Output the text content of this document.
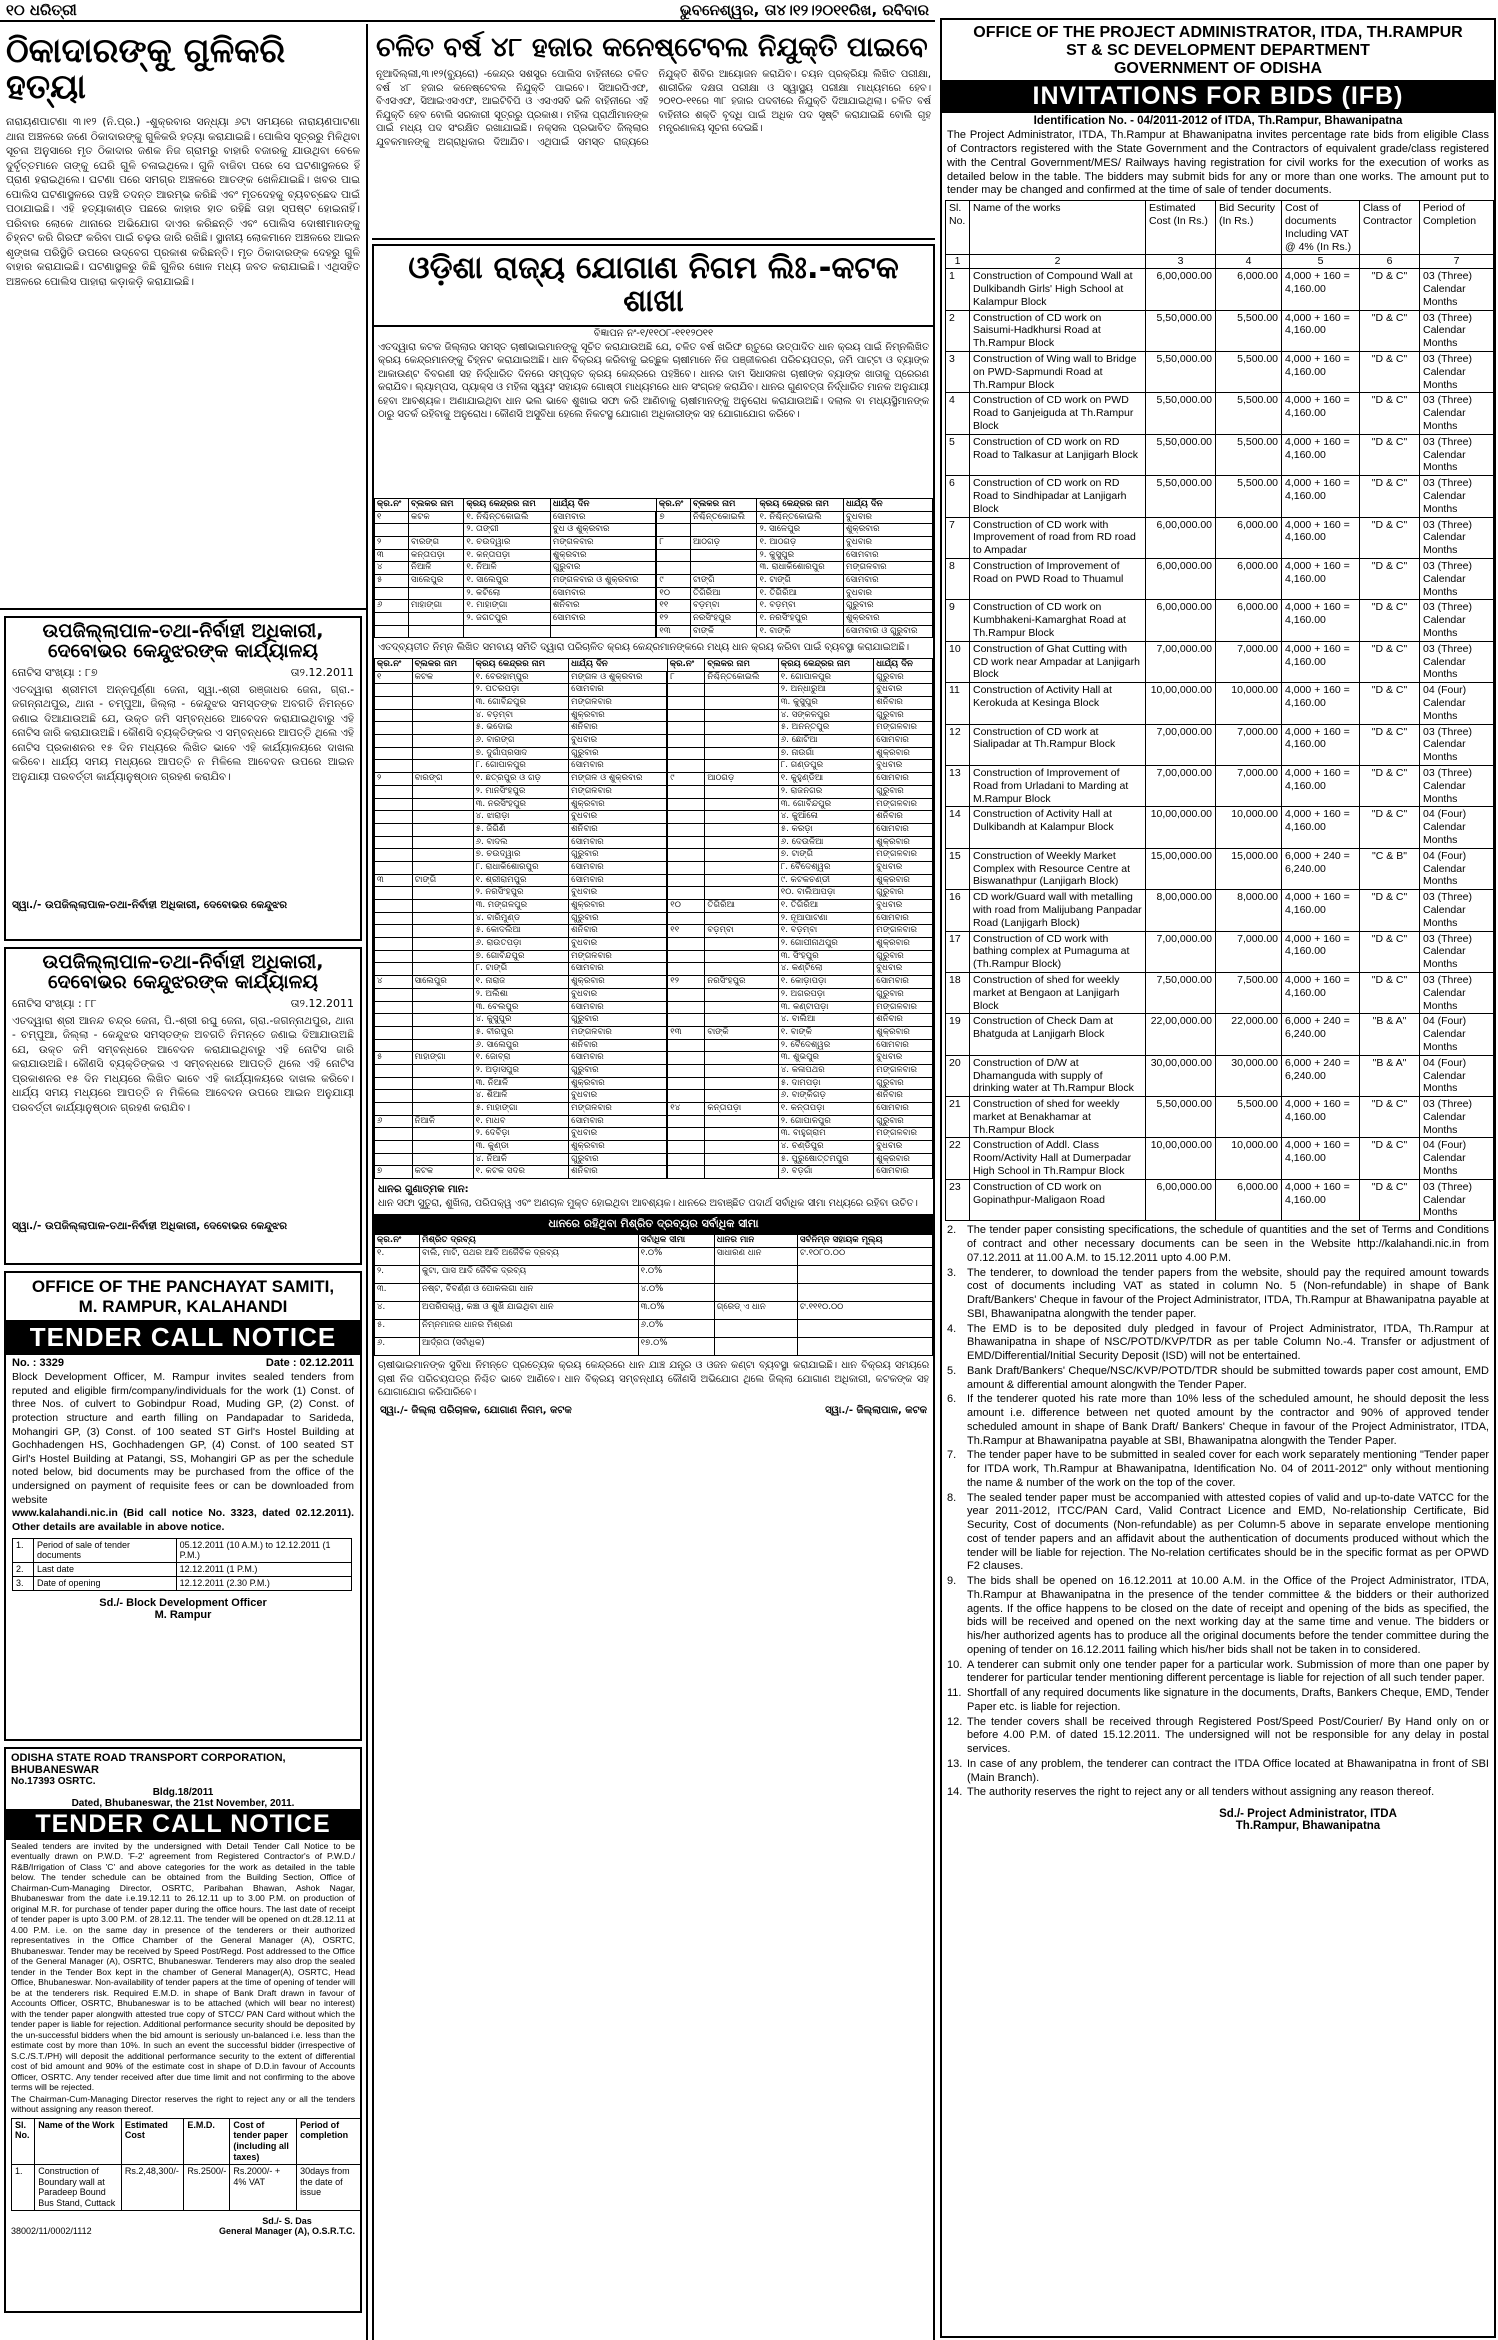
୧୦ ଧରିତ୍ରୀ	ଭୁବନେଶ୍ୱର, ତା୪।୧୨।୨୦୧୧ରିଖ, ରବିବାର
ଠିକାଦାରଙ୍କୁ ଗୁଳିକରି ହତ୍ୟା
ନାରାୟଣପାଟଣା ୩।୧୨ (ନି.ପ୍ର.) -ଶୁକ୍ରବାର ସନ୍ଧ୍ୟା ୬ଟା ସମୟରେ ନାରାୟଣପାଟଣା ଥାନା ଅଞ୍ଚଳରେ ଜଣେ ଠିକାଦାରଙ୍କୁ ଗୁଳିକରି ହତ୍ୟା କରାଯାଇଛି। ପୋଲିସ ସୂତ୍ରରୁ ମିଳିଥିବା ସୂଚନା ଅନୁସାରେ ମୃତ ଠିକାଦାର ଜଣକ ନିଜ ଗ୍ରାମରୁ ବାହାରି ବଜାରକୁ ଯାଉଥିବା ବେଳେ ଦୁର୍ବୃତ୍ତମାନେ ତାଙ୍କୁ ଘେରି ଗୁଳି ଚଳାଇଥିଲେ। ଗୁଳି ବାଜିବା ପରେ ସେ ଘଟଣାସ୍ଥଳରେ ହିଁ ପ୍ରାଣ ହରାଇଥିଲେ। ଘଟଣା ପରେ ସମଗ୍ର ଅଞ୍ଚଳରେ ଆତଙ୍କ ଖେଳିଯାଇଛି। ଖବର ପାଇ ପୋଲିସ ଘଟଣାସ୍ଥଳରେ ପହଞ୍ଚି ତଦନ୍ତ ଆରମ୍ଭ କରିଛି ଏବଂ ମୃତଦେହକୁ ବ୍ୟବଚ୍ଛେଦ ପାଇଁ ପଠାଯାଇଛି। ଏହି ହତ୍ୟାକାଣ୍ଡ ପଛରେ କାହାର ହାତ ରହିଛି ତାହା ସ୍ପଷ୍ଟ ହୋଇନାହିଁ। ପରିବାର ଲୋକେ ଥାନାରେ ଅଭିଯୋଗ ଦାଏର କରିଛନ୍ତି ଏବଂ ପୋଲିସ ଦୋଷୀମାନଙ୍କୁ ଚିହ୍ନଟ କରି ଗିରଫ କରିବା ପାଇଁ ଚଢ଼ଉ ଜାରି ରଖିଛି। ସ୍ଥାନୀୟ ଲୋକମାନେ ଅଞ୍ଚଳରେ ଆଇନ ଶୃଙ୍ଖଳା ପରିସ୍ଥିତି ଉପରେ ଉଦ୍ବେଗ ପ୍ରକାଶ କରିଛନ୍ତି। ମୃତ ଠିକାଦାରଙ୍କ ଦେହରୁ ଗୁଳି ବାହାର କରାଯାଇଛି। ଘଟଣାସ୍ଥଳରୁ କିଛି ଗୁଳିର ଖୋଳ ମଧ୍ୟ ଜବତ କରାଯାଇଛି। ଏଥିସହିତ ଅଞ୍ଚଳରେ ପୋଲିସ ପାହାରା କଡ଼ାକଡ଼ି କରାଯାଇଛି।
ଉପଜିଲ୍ଲାପାଳ-ତଥା-ନିର୍ବାହୀ ଅଧିକାରୀ,
ଦେବୋଭର କେନ୍ଦୁଝରଙ୍କ କାର୍ଯ୍ୟାଳୟ
ନୋଟିସ ସଂଖ୍ୟା : ୮୭	ତା୨.12.2011
ଏତଦ୍ୱାରା ଶ୍ରୀମତୀ ଅନ୍ନପୂର୍ଣ୍ଣା ଜେନା, ସ୍ୱା.-ଶ୍ରୀ ରଞ୍ଜାଧର ଜେନା, ଗ୍ରା.-ଜଗନ୍ନାଥପୁର, ଥାନା - ଚମ୍ପୁଆ, ଜିଲ୍ଲା - କେନ୍ଦୁଝର ସମସ୍ତଙ୍କ ଅବଗତି ନିମନ୍ତେ ଜଣାଇ ଦିଆଯାଉଅଛି ଯେ, ଉକ୍ତ ଜମି ସମ୍ବନ୍ଧରେ ଆବେଦନ କରାଯାଇଥିବାରୁ ଏହି ନୋଟିସ ଜାରି କରାଯାଉଅଛି। କୌଣସି ବ୍ୟକ୍ତିଙ୍କର ଏ ସମ୍ବନ୍ଧରେ ଆପତ୍ତି ଥିଲେ ଏହି ନୋଟିସ ପ୍ରକାଶନର ୧୫ ଦିନ ମଧ୍ୟରେ ଲିଖିତ ଭାବେ ଏହି କାର୍ଯ୍ୟାଳୟରେ ଦାଖଲ କରିବେ। ଧାର୍ଯ୍ୟ ସମୟ ମଧ୍ୟରେ ଆପତ୍ତି ନ ମିଳିଲେ ଆବେଦନ ଉପରେ ଆଇନ ଅନୁଯାୟୀ ପରବର୍ତ୍ତୀ କାର୍ଯ୍ୟାନୁଷ୍ଠାନ ଗ୍ରହଣ କରାଯିବ।
ସ୍ୱା./- ଉପଜିଲ୍ଲାପାଳ-ତଥା-ନିର୍ବାହୀ ଅଧିକାରୀ, ଦେବୋଭର କେନ୍ଦୁଝର
ଉପଜିଲ୍ଲାପାଳ-ତଥା-ନିର୍ବାହୀ ଅଧିକାରୀ,
ଦେବୋଭର କେନ୍ଦୁଝରଙ୍କ କାର୍ଯ୍ୟାଳୟ
ନୋଟିସ ସଂଖ୍ୟା : ୮୮	ତା୨.12.2011
ଏତଦ୍ୱାରା ଶ୍ରୀ ଆନନ୍ଦ ଚନ୍ଦ୍ର ଜେନା, ପି.-ଶ୍ରୀ ରଘୁ ଜେନା, ଗ୍ରା.-ଜଗନ୍ନାଥପୁର, ଥାନା - ଚମ୍ପୁଆ, ଜିଲ୍ଲା - କେନ୍ଦୁଝର ସମସ୍ତଙ୍କ ଅବଗତି ନିମନ୍ତେ ଜଣାଇ ଦିଆଯାଉଅଛି ଯେ, ଉକ୍ତ ଜମି ସମ୍ବନ୍ଧରେ ଆବେଦନ କରାଯାଇଥିବାରୁ ଏହି ନୋଟିସ ଜାରି କରାଯାଉଅଛି। କୌଣସି ବ୍ୟକ୍ତିଙ୍କର ଏ ସମ୍ବନ୍ଧରେ ଆପତ୍ତି ଥିଲେ ଏହି ନୋଟିସ ପ୍ରକାଶନର ୧୫ ଦିନ ମଧ୍ୟରେ ଲିଖିତ ଭାବେ ଏହି କାର୍ଯ୍ୟାଳୟରେ ଦାଖଲ କରିବେ। ଧାର୍ଯ୍ୟ ସମୟ ମଧ୍ୟରେ ଆପତ୍ତି ନ ମିଳିଲେ ଆବେଦନ ଉପରେ ଆଇନ ଅନୁଯାୟୀ ପରବର୍ତ୍ତୀ କାର୍ଯ୍ୟାନୁଷ୍ଠାନ ଗ୍ରହଣ କରାଯିବ।
ସ୍ୱା./- ଉପଜିଲ୍ଲାପାଳ-ତଥା-ନିର୍ବାହୀ ଅଧିକାରୀ, ଦେବୋଭର କେନ୍ଦୁଝର
OFFICE OF THE PANCHAYAT SAMITI,
M. RAMPUR, KALAHANDI
TENDER CALL NOTICE
No. : 3329	Date : 02.12.2011
Block Development Officer, M. Rampur invites sealed tenders from reputed and eligible firm/company/individuals for the work (1) Const. of three Nos. of culvert to Gobindpur Road, Muding GP, (2) Const. of protection structure and earth filling on Pandapadar to Sarideda, Mohangiri GP, (3) Const. of 100 seated ST Girl's Hostel Building at Gochhadengen HS, Gochhadengen GP, (4) Const. of 100 seated ST Girl's Hostel Building at Patangi, SS, Mohangiri GP as per the schedule noted below, bid documents may be purchased from the office of the undersigned on payment of requisite fees or can be downloaded from website
www.kalahandi.nic.in (Bid call notice No. 3323, dated 02.12.2011). Other details are available in above notice.
1.	Period of sale of tender documents	05.12.2011 (10 A.M.) to 12.12.2011 (1 P.M.)
2.	Last date	12.12.2011 (1 P.M.)
3.	Date of opening	12.12.2011 (2.30 P.M.)
Sd./- Block Development Officer
M. Rampur
ODISHA STATE ROAD TRANSPORT CORPORATION, BHUBANESWAR
No.17393 OSRTC.
Bldg.18/2011
Dated, Bhubaneswar, the 21st November, 2011.
TENDER CALL NOTICE
Sealed tenders are invited by the undersigned with Detail Tender Call Notice to be eventually drawn on P.W.D. 'F-2' agreement from Registered Contractor's of P.W.D./ R&B/Irrigation of Class 'C' and above categories for the work as detailed in the table below. The tender schedule can be obtained from the Building Section, Office of Chairman-Cum-Managing Director, OSRTC, Paribahan Bhawan, Ashok Nagar, Bhubaneswar from the date i.e.19.12.11 to 26.12.11 up to 3.00 P.M. on production of original M.R. for purchase of tender paper during the office hours. The last date of receipt of tender paper is upto 3.00 P.M. of 28.12.11. The tender will be opened on dt.28.12.11 at 4.00 P.M. i.e. on the same day in presence of the tenderers or their authorized representatives in the Office Chamber of the General Manager (A), OSRTC, Bhubaneswar. Tender may be received by Speed Post/Regd. Post addressed to the Office of the General Manager (A), OSRTC, Bhubaneswar. Tenderers may also drop the sealed tender in the Tender Box kept in the chamber of General Manager(A), OSRTC, Head Office, Bhubaneswar. Non-availability of tender papers at the time of opening of tender will be at the tenderers risk. Required E.M.D. in shape of Bank Draft drawn in favour of Accounts Officer, OSRTC, Bhubaneswar is to be attached (which will bear no interest) with the tender paper alongwith attested true copy of STCC/ PAN Card without which the tender paper is liable for rejection. Additional performance security should be deposited by the un-successful bidders when the bid amount is seriously un-balanced i.e. less than the estimate cost by more than 10%. In such an event the successful bidder (irrespective of S.C./S.T./PH) will deposit the additional performance security to the extent of differential cost of bid amount and 90% of the estimate cost in shape of D.D.in favour of Accounts Officer, OSRTC. Any tender received after due time limit and not confirming to the above terms will be rejected.
The Chairman-Cum-Managing Director reserves the right to reject any or all the tenders without assigning any reason thereof.
Sl. No.	Name of the Work	Estimated Cost	E.M.D.	Cost of tender paper (including all taxes)	Period of completion
1.	Construction of Boundary wall at Paradeep Bound Bus Stand, Cuttack	Rs.2,48,300/-	Rs.2500/-	Rs.2000/- + 4% VAT	30days from the date of issue
38002/11/0002/1112
Sd./- S. Das
General Manager (A), O.S.R.T.C.
ଚଳିତ ବର୍ଷ ୪୮ ହଜାର କନେଷ୍ଟେବଲ ନିଯୁକ୍ତି ପାଇବେ
ନୂଆଦିଲ୍ଲୀ,୩।୧୨(ବ୍ୟୁରୋ) -କେନ୍ଦ୍ର ସଶସ୍ତ୍ର ପୋଲିସ ବାହିନୀରେ ଚଳିତ ବର୍ଷ ୪୮ ହଜାର କନେଷ୍ଟେବଲ ନିଯୁକ୍ତି ପାଇବେ। ସିଆରପିଏଫ, ବିଏସଏଫ, ସିଆଇଏସଏଫ, ଆଇଟିବିପି ଓ ଏସଏସବି ଭଳି ବାହିନୀରେ ଏହି ନିଯୁକ୍ତି ହେବ ବୋଲି ସରକାରୀ ସୂତ୍ରରୁ ପ୍ରକାଶ। ମହିଳା ପ୍ରାର୍ଥୀମାନଙ୍କ ପାଇଁ ମଧ୍ୟ ପଦ ସଂରକ୍ଷିତ ରଖାଯାଇଛି। ନକ୍ସଲ ପ୍ରଭାବିତ ଜିଲ୍ଲାର ଯୁବକମାନଙ୍କୁ ଅଗ୍ରାଧିକାର ଦିଆଯିବ। ଏଥିପାଇଁ ସମସ୍ତ ରାଜ୍ୟରେ ନିଯୁକ୍ତି ଶିବିର ଆୟୋଜନ କରାଯିବ। ଚୟନ ପ୍ରକ୍ରିୟା ଲିଖିତ ପରୀକ୍ଷା, ଶାରୀରିକ ଦକ୍ଷତା ପରୀକ୍ଷା ଓ ସ୍ୱାସ୍ଥ୍ୟ ପରୀକ୍ଷା ମାଧ୍ୟମରେ ହେବ। ୨୦୧୦-୧୧ରେ ୩୮ ହଜାର ପଦବୀରେ ନିଯୁକ୍ତି ଦିଆଯାଇଥିଲା। ଚଳିତ ବର୍ଷ ବାହିନୀର ଶକ୍ତି ବୃଦ୍ଧି ପାଇଁ ଅଧିକ ପଦ ସୃଷ୍ଟି କରାଯାଇଛି ବୋଲି ଗୃହ ମନ୍ତ୍ରଣାଳୟ ସୂଚନା ଦେଇଛି।
ଓଡ଼ିଶା ରାଜ୍ୟ ଯୋଗାଣ ନିଗମ ଲିଃ.-କଟକ ଶାଖା
ବିଜ୍ଞାପନ ନଂ-୧/୧୧୦୮-୧୧୧୨୦୧୧
ଏତଦ୍ୱାରା କଟକ ଜିଲ୍ଲାର ସମସ୍ତ ଚାଷୀଭାଇମାନଙ୍କୁ ସୂଚିତ କରାଯାଉଅଛି ଯେ, ଚଳିତ ବର୍ଷ ଖରିଫ ଋତୁରେ ଉତ୍ପାଦିତ ଧାନ କ୍ରୟ ପାଇଁ ନିମ୍ନଲିଖିତ କ୍ରୟ କେନ୍ଦ୍ରମାନଙ୍କୁ ଚିହ୍ନଟ କରାଯାଇଅଛି। ଧାନ ବିକ୍ରୟ କରିବାକୁ ଇଚ୍ଛୁକ ଚାଷୀମାନେ ନିଜ ପଞ୍ଜୀକରଣ ପରିଚୟପତ୍ର, ଜମି ପାଟ୍ଟା ଓ ବ୍ୟାଙ୍କ ଆକାଉଣ୍ଟ ବିବରଣୀ ସହ ନିର୍ଦ୍ଧାରିତ ଦିନରେ ସମ୍ପୃକ୍ତ କ୍ରୟ କେନ୍ଦ୍ରରେ ପହଞ୍ଚିବେ। ଧାନର ଦାମ ସିଧାସଳଖ ଚାଷୀଙ୍କ ବ୍ୟାଙ୍କ ଖାତାକୁ ପ୍ରେରଣ କରାଯିବ। ଲ୍ୟାମ୍ପସ, ପ୍ୟାକ୍ସ ଓ ମହିଳା ସ୍ୱୟଂ ସହାୟକ ଗୋଷ୍ଠୀ ମାଧ୍ୟମରେ ଧାନ ସଂଗ୍ରହ କରାଯିବ। ଧାନର ଗୁଣବତ୍ତା ନିର୍ଦ୍ଧାରିତ ମାନକ ଅନୁଯାୟୀ ହେବା ଆବଶ୍ୟକ। ଅଣାଯାଇଥିବା ଧାନ ଭଲ ଭାବେ ଶୁଖାଇ ସଫା କରି ଆଣିବାକୁ ଚାଷୀମାନଙ୍କୁ ଅନୁରୋଧ କରାଯାଉଅଛି। ଦଲାଲ ବା ମଧ୍ୟସ୍ଥିମାନଙ୍କ ଠାରୁ ସତର୍କ ରହିବାକୁ ଅନୁରୋଧ। କୌଣସି ଅସୁବିଧା ହେଲେ ନିକଟସ୍ଥ ଯୋଗାଣ ଅଧିକାରୀଙ୍କ ସହ ଯୋଗାଯୋଗ କରିବେ।
କ୍ର.ନଂ	ବ୍ଲକର ନାମ	କ୍ରୟ କେନ୍ଦ୍ରର ନାମ	ଧାର୍ଯ୍ୟ ଦିନ	କ୍ର.ନଂ	ବ୍ଲକର ନାମ	କ୍ରୟ କେନ୍ଦ୍ରର ନାମ	ଧାର୍ଯ୍ୟ ଦିନ
୧	କଟକ	୧. ନିଶ୍ଚିନ୍ତକୋଇଲି	ସୋମବାର	୭	ନିଶ୍ଚିନ୍ତକୋଇଲି	୧. ନିଶ୍ଚିନ୍ତକୋଇଲି	ବୁଧବାର
		୨. ତାଙ୍ଗୀ	ବୁଧ ଓ ଶୁକ୍ରବାର			୨. ସାଳେପୁର	ଶୁକ୍ରବାର
୨	ବାରଙ୍ଗ	୧. ଚଉଦ୍ୱାର	ମଙ୍ଗଳବାର	୮	ଆଠଗଡ଼	୧. ଆଠଗଡ଼	ବୁଧବାର
୩	କନ୍ତାପଡ଼ା	୧. କନ୍ତାପଡ଼ା	ଶୁକ୍ରବାର			୨. କୁସୁପୁର	ସୋମବାର
୪	ନିଆଳି	୧. ନିଆଳି	ଗୁରୁବାର			୩. ରାଧାକିଶୋରପୁର	ମଙ୍ଗଳବାର
୫	ସାଲେପୁର	୧. ସାଲେପୁର	ମଙ୍ଗଳବାର ଓ ଶୁକ୍ରବାର	୯	ଟାଙ୍ଗି	୧. ଟାଙ୍ଗି	ସୋମବାର
		୨. କଟିଲୋ	ସୋମବାର	୧୦	ତିଗିରିଆ	୧. ତିଗିରିଆ	ବୁଧବାର
୬	ମାହାଙ୍ଗା	୧. ମାହାଙ୍ଗା	ଶନିବାର	୧୧	ବଡ଼ମ୍ବା	୧. ବଡ଼ମ୍ବା	ଗୁରୁବାର
		୨. ଜଗତପୁର	ସୋମବାର	୧୨	ନରସିଂହପୁର	୧. ନରସିଂହପୁର	ଶୁକ୍ରବାର
				୧୩	ବାଙ୍କି	୧. ବାଙ୍କି	ସୋମବାର ଓ ଗୁରୁବାର
ଏତଦ୍‌ବ୍ୟତୀତ ନିମ୍ନ ଲିଖିତ ସମବାୟ ସମିତି ଦ୍ୱାରା ପରିଚାଳିତ କ୍ରୟ କେନ୍ଦ୍ରମାନଙ୍କରେ ମଧ୍ୟ ଧାନ କ୍ରୟ କରିବା ପାଇଁ ବ୍ୟବସ୍ଥା କରାଯାଇଅଛି।
କ୍ର.ନଂ	ବ୍ଲକର ନାମ	କ୍ରୟ କେନ୍ଦ୍ରର ନାମ	ଧାର୍ଯ୍ୟ ଦିନ	କ୍ର.ନଂ	ବ୍ଲକର ନାମ	କ୍ରୟ କେନ୍ଦ୍ରର ନାମ	ଧାର୍ଯ୍ୟ ଦିନ
୧	କଟକ	୧. ବେରହାମ୍ପୁର	ମଙ୍ଗଳ ଓ ଶୁକ୍ରବାର	୮	ନିଶ୍ଚିନ୍ତକୋଇଲି	୧. ଗୋପାଳପୁର	ଗୁରୁବାର
		୨. ପତରପଡ଼ା	ସୋମବାର			୨. ଅନ୍ଧାରୁଆ	ବୁଧବାର
		୩. ଗୋବିନ୍ଦପୁର	ମଙ୍ଗଳବାର			୩. କୁସୁପୁର	ଶନିବାର
		୪. ବଡ଼ମ୍ବା	ଶୁକ୍ରବାର			୪. ସଙ୍କଳପୁର	ଗୁରୁବାର
		୫. ଭଦୋଇ	ଶନିବାର			୫. ଅନନ୍ତପୁର	ମଙ୍ଗଳବାର
		୬. ବାରଙ୍ଗ	ବୁଧବାର			୬. ଛୋଟିଆ	ସୋମବାର
		୭. ଦୁର୍ଗାପ୍ରସାଦ	ଗୁରୁବାର			୭. ନାଉଗାଁ	ଶୁକ୍ରବାର
		୮. ଗୋପାଳପୁର	ସୋମବାର			୮. ଗଣ୍ଡପୁର	ବୁଧବାର
୨	ବାରଙ୍ଗ	୧. ଛତ୍ରପୁର ଓ ଗଡ଼	ମଙ୍ଗଳ ଓ ଶୁକ୍ରବାର	୯	ଆଠଗଡ଼	୧. କୁହୁଣ୍ଡିଆ	ସୋମବାର
		୨. ମାନସିଂହପୁର	ମଙ୍ଗଳବାର			୨. ରାଜନଗର	ଗୁରୁବାର
		୩. ନରସିଂହପୁର	ଶୁକ୍ରବାର			୩. ଗୋବିନ୍ଦପୁର	ମଙ୍ଗଳବାର
		୪. ଝାରାଡ଼ା	ବୁଧବାର			୪. କୁଆଁଳୋ	ଶନିବାର
		୫. ଜିଗିଣି	ଶନିବାର			୫. କରଡ଼ା	ସୋମବାର
		୬. ବାଦଲ	ସୋମବାର			୬. ଦେଉଳିଆ	ଶୁକ୍ରବାର
		୭. ଚଉଦ୍ୱାର	ଗୁରୁବାର			୭. ଟାଙ୍ଗି	ମଙ୍ଗଳବାର
		୮. ରାଧାକିଶୋରପୁର	ସୋମବାର			୮. ବୈଦେଶ୍ୱର	ବୁଧବାର
୩	ଟାଙ୍ଗି	୧. ଶ୍ରୀରାମପୁର	ସୋମବାର			୯. କଟକଚଣ୍ଡୀ	ଶୁକ୍ରବାର
		୨. ନରସିଂହପୁର	ବୁଧବାର			୧୦. ବାଲିଆପଡ଼ା	ଗୁରୁବାର
		୩. ମଙ୍ଗଳପୁର	ଶୁକ୍ରବାର	୧୦	ତିଗିରିଆ	୧. ତିଗିରିଆ	ବୁଧବାର
		୪. ବାରିମୁଣ୍ଡ	ଗୁରୁବାର			୨. ନୂଆପାଟଣା	ସୋମବାର
		୫. କୋଦଲିଆ	ଶନିବାର	୧୧	ବଡ଼ମ୍ବା	୧. ବଡ଼ମ୍ବା	ମଙ୍ଗଳବାର
		୬. ରାଉତପଡ଼ା	ବୁଧବାର			୨. ଗୋପୀନାଥପୁର	ଶୁକ୍ରବାର
		୭. ଗୋବିନ୍ଦପୁର	ମଙ୍ଗଳବାର			୩. ସିଂହପୁର	ଗୁରୁବାର
		୮. ଟାଙ୍ଗି	ସୋମବାର			୪. କଣ୍ଟିଲୋ	ବୁଧବାର
୪	ସାଲେପୁର	୧. ନାରାଜ	ଶୁକ୍ରବାର	୧୨	ନରସିଂହପୁର	୧. କୋଡ଼ାପଡ଼ା	ସୋମବାର
		୨. ଅଲିଶା	ବୁଧବାର			୨. ଅଗରପଡ଼ା	ଗୁରୁବାର
		୩. ବେଲପୁର	ସୋମବାର			୩. କଣ୍ଟାପଡ଼ା	ମଙ୍ଗଳବାର
		୪. କୁସୁପୁର	ଗୁରୁବାର			୪. ବାଲିଆ	ଶନିବାର
		୫. ବୀରପୁର	ମଙ୍ଗଳବାର	୧୩	ବାଙ୍କି	୧. ବାଙ୍କି	ଶୁକ୍ରବାର
		୬. ସାଲେପୁର	ଶନିବାର			୨. ବୈଦେଶ୍ୱର	ସୋମବାର
୫	ମାହାଙ୍ଗା	୧. ଜୋବ୍ରା	ସୋମବାର			୩. ଶୁଭପୁର	ବୁଧବାର
		୨. ଅଡ଼ାସପୁର	ଗୁରୁବାର			୪. କଳାପଥର	ମଙ୍ଗଳବାର
		୩. ନିଆଳି	ଶୁକ୍ରବାର			୫. ଦାମପଡ଼ା	ଗୁରୁବାର
		୪. ଶିଆଳି	ବୁଧବାର			୬. ବାଙ୍କିଗଡ଼	ଶନିବାର
		୫. ମାହାଙ୍ଗା	ମଙ୍ଗଳବାର	୧୪	କନ୍ତାପଡ଼ା	୧. କନ୍ତାପଡ଼ା	ସୋମବାର
୬	ନିଆଳି	୧. ମାଧବ	ସୋମବାର			୨. ଗୋପାଳପୁର	ଗୁରୁବାର
		୨. ଦେବିଡ଼ା	ବୁଧବାର			୩. ବାହୁଗ୍ରାମ	ମଙ୍ଗଳବାର
		୩. କୁଣ୍ଡା	ଶୁକ୍ରବାର			୪. ଚଣ୍ଡିପୁର	ବୁଧବାର
		୪. ନିଆଳି	ଗୁରୁବାର			୫. ପୁରୁଷୋତ୍ତମପୁର	ଶୁକ୍ରବାର
୭	କଟକ	୧. କଟକ ସଦର	ଶନିବାର			୬. ବଡ଼ଗାଁ	ସୋମବାର
ଧାନର ଗୁଣାତ୍ମକ ମାନ:
ଧାନ ସଫା ସୁତୁରା, ଶୁଖିଲା, ପରିପକ୍ୱ ଏବଂ ଅଣଚାଳ ମୁକ୍ତ ହୋଇଥିବା ଆବଶ୍ୟକ। ଧାନରେ ଅବାଞ୍ଛିତ ପଦାର୍ଥ ସର୍ବାଧିକ ସୀମା ମଧ୍ୟରେ ରହିବା ଉଚିତ।
ଧାନରେ ରହିଥିବା ମିଶ୍ରିତ ଦ୍ରବ୍ୟର ସର୍ବାଧିକ ସୀମା
କ୍ର.ନଂ	ମିଶ୍ରିତ ଦ୍ରବ୍ୟ	ସର୍ବାଧିକ ସୀମା	ଧାନର ମାନ	ସର୍ବନିମ୍ନ ସହାୟକ ମୂଲ୍ୟ
୧.	ବାଲି, ମାଟି, ପଥର ଆଦି ଅଜୈବିକ ଦ୍ରବ୍ୟ	୧.୦%	ସାଧାରଣ ଧାନ	ଟ.୧୦୮୦.୦୦
୨.	କୁଟା, ଘାସ ଆଦି ଜୈବିକ ଦ୍ରବ୍ୟ	୧.୦%		
୩.	ନଷ୍ଟ, ବିବର୍ଣ୍ଣ ଓ ପୋକଲଗା ଧାନ	୪.୦%		
୪.	ଅପରିପକ୍ୱ, କଞ୍ଚା ଓ ଶୁଖି ଯାଇଥିବା ଧାନ	୩.୦%	ଗ୍ରେଡ୍ ଏ ଧାନ	ଟ.୧୧୧୦.୦୦
୫.	ନିମ୍ନମାନର ଧାନର ମିଶ୍ରଣ	୬.୦%		
୬.	ଆର୍ଦ୍ରତା (ସର୍ବାଧିକ)	୧୭.୦%		
ଚାଷୀଭାଇମାନଙ୍କ ସୁବିଧା ନିମନ୍ତେ ପ୍ରତ୍ୟେକ କ୍ରୟ କେନ୍ଦ୍ରରେ ଧାନ ଯାଞ୍ଚ ଯନ୍ତ୍ର ଓ ଓଜନ କଣ୍ଟା ବ୍ୟବସ୍ଥା କରାଯାଇଛି। ଧାନ ବିକ୍ରୟ ସମୟରେ ଚାଷୀ ନିଜ ପରିଚୟପତ୍ର ନିଶ୍ଚିତ ଭାବେ ଆଣିବେ। ଧାନ ବିକ୍ରୟ ସମ୍ବନ୍ଧୀୟ କୌଣସି ଅଭିଯୋଗ ଥିଲେ ଜିଲ୍ଲା ଯୋଗାଣ ଅଧିକାରୀ, କଟକଙ୍କ ସହ ଯୋଗାଯୋଗ କରିପାରିବେ।
ସ୍ୱା./- ଜିଲ୍ଲା ପରିଚାଳକ, ଯୋଗାଣ ନିଗମ, କଟକ	ସ୍ୱା./- ଜିଲ୍ଲାପାଳ, କଟକ
OFFICE OF THE PROJECT ADMINISTRATOR, ITDA, TH.RAMPUR
ST & SC DEVELOPMENT DEPARTMENT
GOVERNMENT OF ODISHA
INVITATIONS FOR BIDS (IFB)
Identification No. - 04/2011-2012 of ITDA, Th.Rampur, Bhawanipatna
The Project Administrator, ITDA, Th.Rampur at Bhawanipatna invites percentage rate bids from eligible Class of Contractors registered with the State Government and the Contractors of equivalent grade/class registered with the Central Government/MES/ Railways having registration for civil works for the execution of works as detailed below in the table. The bidders may submit bids for any or more than one works. The amount put to tender may be changed and confirmed at the time of sale of tender documents.
Sl. No.	Name of the works	Estimated Cost (In Rs.)	Bid Security (In Rs.)	Cost of documents Including VAT @ 4% (In Rs.)	Class of Contractor	Period of Completion
1	2	3	4	5	6	7
1	Construction of Compound Wall at Dulkibandh Girls' High School at Kalampur Block	6,00,000.00	6,000.00	4,000 + 160 = 4,160.00	"D & C"	03 (Three) Calendar Months
2	Construction of CD work on Saisumi-Hadkhursi Road at Th.Rampur Block	5,50,000.00	5,500.00	4,000 + 160 = 4,160.00	"D & C"	03 (Three) Calendar Months
3	Construction of Wing wall to Bridge on PWD-Sapmundi Road at Th.Rampur Block	5,50,000.00	5,500.00	4,000 + 160 = 4,160.00	"D & C"	03 (Three) Calendar Months
4	Construction of CD work on PWD Road to Ganjeiguda at Th.Rampur Block	5,50,000.00	5,500.00	4,000 + 160 = 4,160.00	"D & C"	03 (Three) Calendar Months
5	Construction of CD work on RD Road to Talkasur at Lanjigarh Block	5,50,000.00	5,500.00	4,000 + 160 = 4,160.00	"D & C"	03 (Three) Calendar Months
6	Construction of CD work on RD Road to Sindhipadar at Lanjigarh Block	5,50,000.00	5,500.00	4,000 + 160 = 4,160.00	"D & C"	03 (Three) Calendar Months
7	Construction of CD work with Improvement of road from RD road to Ampadar	6,00,000.00	6,000.00	4,000 + 160 = 4,160.00	"D & C"	03 (Three) Calendar Months
8	Construction of Improvement of Road on PWD Road to Thuamul	6,00,000.00	6,000.00	4,000 + 160 = 4,160.00	"D & C"	03 (Three) Calendar Months
9	Construction of CD work on Kumbhakeni-Kamarghat Road at Th.Rampur Block	6,00,000.00	6,000.00	4,000 + 160 = 4,160.00	"D & C"	03 (Three) Calendar Months
10	Construction of Ghat Cutting with CD work near Ampadar at Lanjigarh Block	7,00,000.00	7,000.00	4,000 + 160 = 4,160.00	"D & C"	03 (Three) Calendar Months
11	Construction of Activity Hall at Kerokuda at Kesinga Block	10,00,000.00	10,000.00	4,000 + 160 = 4,160.00	"D & C"	04 (Four) Calendar Months
12	Construction of CD work at Sialipadar at Th.Rampur Block	7,00,000.00	7,000.00	4,000 + 160 = 4,160.00	"D & C"	03 (Three) Calendar Months
13	Construction of Improvement of Road from Urladani to Marding at M.Rampur Block	7,00,000.00	7,000.00	4,000 + 160 = 4,160.00	"D & C"	03 (Three) Calendar Months
14	Construction of Activity Hall at Dulkibandh at Kalampur Block	10,00,000.00	10,000.00	4,000 + 160 = 4,160.00	"D & C"	04 (Four) Calendar Months
15	Construction of Weekly Market Complex with Resource Centre at Biswanathpur (Lanjigarh Block)	15,00,000.00	15,000.00	6,000 + 240 = 6,240.00	"C & B"	04 (Four) Calendar Months
16	CD work/Guard wall with metalling with road from Malijubang Panpadar Road (Lanjigarh Block)	8,00,000.00	8,000.00	4,000 + 160 = 4,160.00	"D & C"	03 (Three) Calendar Months
17	Construction of CD work with bathing complex at Pumaguma at (Th.Rampur Block)	7,00,000.00	7,000.00	4,000 + 160 = 4,160.00	"D & C"	03 (Three) Calendar Months
18	Construction of shed for weekly market at Bengaon at Lanjigarh Block	7,50,000.00	7,500.00	4,000 + 160 = 4,160.00	"D & C"	03 (Three) Calendar Months
19	Construction of Check Dam at Bhatguda at Lanjigarh Block	22,00,000.00	22,000.00	6,000 + 240 = 6,240.00	"B & A"	04 (Four) Calendar Months
20	Construction of D/W at Dhamanguda with supply of drinking water at Th.Rampur Block	30,00,000.00	30,000.00	6,000 + 240 = 6,240.00	"B & A"	04 (Four) Calendar Months
21	Construction of shed for weekly market at Benakhamar at Th.Rampur Block	5,50,000.00	5,500.00	4,000 + 160 = 4,160.00	"D & C"	03 (Three) Calendar Months
22	Construction of Addl. Class Room/Activity Hall at Dumerpadar High School in Th.Rampur Block	10,00,000.00	10,000.00	4,000 + 160 = 4,160.00	"D & C"	04 (Four) Calendar Months
23	Construction of CD work on Gopinathpur-Maligaon Road	6,00,000.00	6,000.00	4,000 + 160 = 4,160.00	"D & C"	03 (Three) Calendar Months
2. The tender paper consisting specifications, the schedule of quantities and the set of Terms and Conditions of contract and other necessary documents can be seen in the Website http://kalahandi.nic.in from 07.12.2011 at 11.00 A.M. to 15.12.2011 upto 4.00 P.M.
3. The tenderer, to download the tender papers from the website, should pay the required amount towards cost of documents including VAT as stated in column No. 5 (Non-refundable) in shape of Bank Draft/Bankers' Cheque in favour of the Project Administrator, ITDA, Th.Rampur at Bhawanipatna payable at SBI, Bhawanipatna alongwith the tender paper.
4. The EMD is to be deposited duly pledged in favour of Project Administrator, ITDA, Th.Rampur at Bhawanipatna in shape of NSC/POTD/KVP/TDR as per table Column No.-4. Transfer or adjustment of EMD/Differential/Initial Security Deposit (ISD) will not be entertained.
5. Bank Draft/Bankers' Cheque/NSC/KVP/POTD/TDR should be submitted towards paper cost amount, EMD amount & differential amount alongwith the Tender Paper.
6. If the tenderer quoted his rate more than 10% less of the scheduled amount, he should deposit the less amount i.e. difference between net quoted amount by the contractor and 90% of approved tender scheduled amount in shape of Bank Draft/ Bankers' Cheque in favour of the Project Administrator, ITDA, Th.Rampur at Bhawanipatna payable at SBI, Bhawanipatna alongwith the Tender Paper.
7. The tender paper have to be submitted in sealed cover for each work separately mentioning "Tender paper for ITDA work, Th.Rampur at Bhawanipatna, Identification No. 04 of 2011-2012" only without mentioning the name & number of the work on the top of the cover.
8. The sealed tender paper must be accompanied with attested copies of valid and up-to-date VATCC for the year 2011-2012, ITCC/PAN Card, Valid Contract Licence and EMD, No-relationship Certificate, Bid Security, Cost of documents (Non-refundable) as per Column-5 above in separate envelope mentioning cost of tender papers and an affidavit about the authentication of documents produced without which the tender will be liable for rejection. The No-relation certificates should be in the specific format as per OPWD F2 clauses.
9. The bids shall be opened on 16.12.2011 at 10.00 A.M. in the Office of the Project Administrator, ITDA, Th.Rampur at Bhawanipatna in the presence of the tender committee & the bidders or their authorized agents. If the office happens to be closed on the date of receipt and opening of the bids as specified, the bids will be received and opened on the next working day at the same time and venue. The bidders or his/her authorized agents has to produce all the original documents before the tender committee during the opening of tender on 16.12.2011 failing which his/her bids shall not be taken in to considered.
10. A tenderer can submit only one tender paper for a particular work. Submission of more than one paper by tenderer for particular tender mentioning different percentage is liable for rejection of all such tender paper.
11. Shortfall of any required documents like signature in the documents, Drafts, Bankers Cheque, EMD, Tender Paper etc. is liable for rejection.
12. The tender covers shall be received through Registered Post/Speed Post/Courier/ By Hand only on or before 4.00 P.M. of dated 15.12.2011. The undersigned will not be responsible for any delay in postal services.
13. In case of any problem, the tenderer can contract the ITDA Office located at Bhawanipatna in front of SBI (Main Branch).
14. The authority reserves the right to reject any or all tenders without assigning any reason thereof.
Sd./- Project Administrator, ITDA
Th.Rampur, Bhawanipatna
